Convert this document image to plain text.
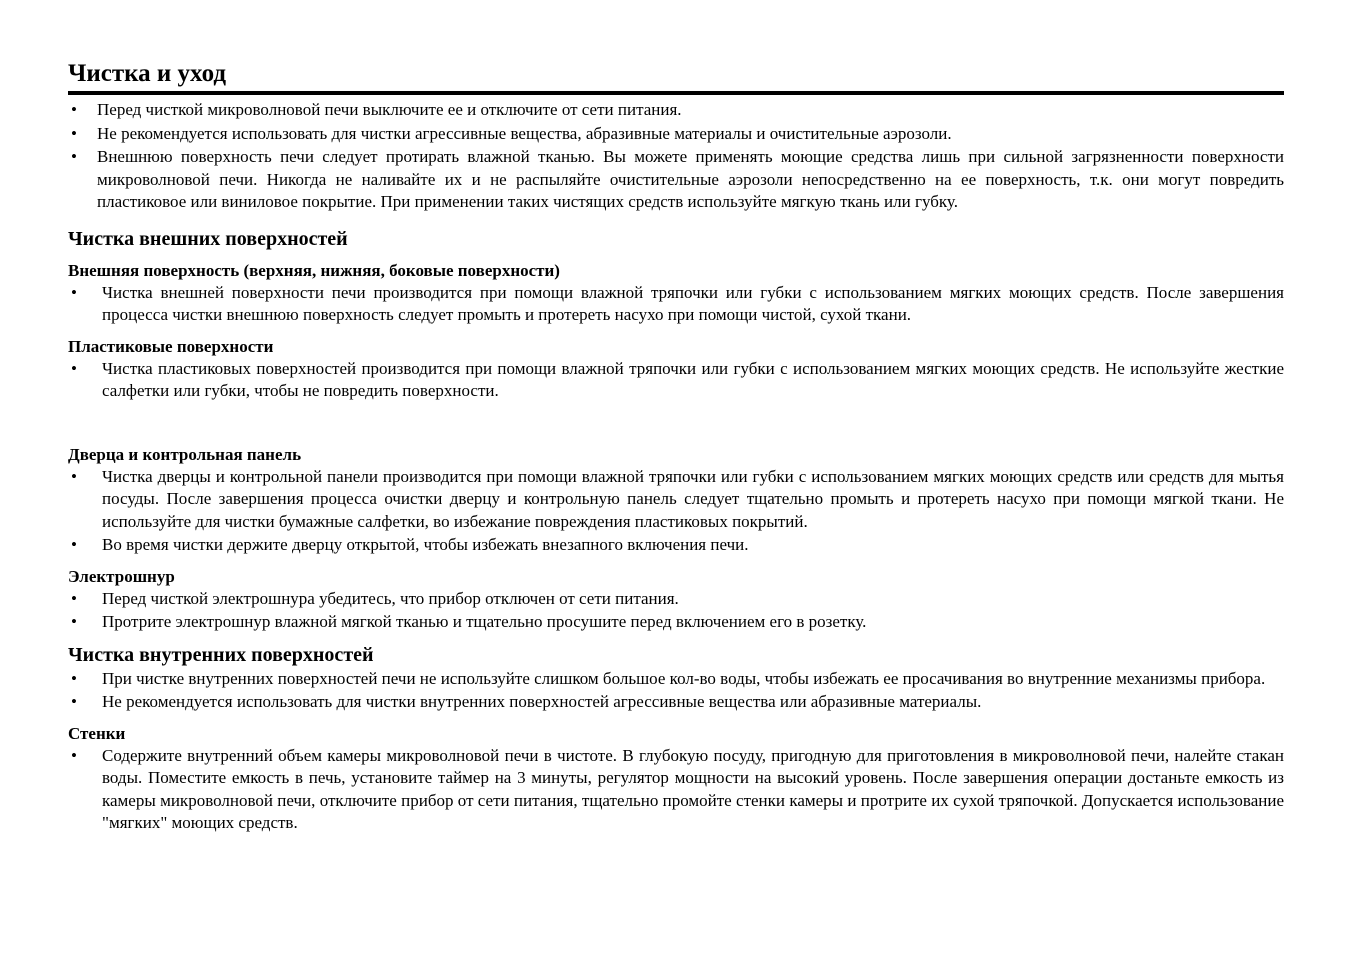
Чистка и уход
• Перед чисткой микроволновой печи выключите ее и отключите от сети питания.
• Не рекомендуется использовать для чистки агрессивные вещества, абразивные материалы и очистительные аэрозоли.
• Внешнюю поверхность печи следует протирать влажной тканью. Вы можете применять моющие средства лишь при сильной загрязненности поверхности микроволновой печи. Никогда не наливайте их и не распыляйте очистительные аэрозоли непосредственно на ее поверхность, т.к. они могут повредить пластиковое или виниловое покрытие. При применении таких чистящих средств используйте мягкую ткань или губку.
Чистка внешних поверхностей
Внешняя поверхность (верхняя, нижняя, боковые поверхности)
• Чистка внешней поверхности печи производится при помощи влажной тряпочки или губки с использованием мягких моющих средств. После завершения процесса чистки внешнюю поверхность следует промыть и протереть насухо при помощи чистой, сухой ткани.
Пластиковые поверхности
• Чистка пластиковых поверхностей производится при помощи влажной тряпочки или губки с использованием мягких моющих средств. Не используйте жесткие салфетки или губки, чтобы не повредить поверхности.
Дверца и контрольная панель
• Чистка дверцы и контрольной панели производится при помощи влажной тряпочки или губки с использованием мягких моющих средств или средств для мытья посуды. После завершения процесса очистки дверцу и контрольную панель следует тщательно промыть и протереть насухо при помощи мягкой ткани. Не используйте для чистки бумажные салфетки, во избежание повреждения пластиковых покрытий.
• Во время чистки держите дверцу открытой, чтобы избежать внезапного включения печи.
Электрошнур
• Перед чисткой электрошнура убедитесь, что прибор отключен от сети питания.
• Протрите электрошнур влажной мягкой тканью и тщательно просушите перед включением его в розетку.
Чистка внутренних поверхностей
• При чистке внутренних поверхностей печи не используйте слишком большое кол-во воды, чтобы избежать ее просачивания во внутренние механизмы прибора.
• Не рекомендуется использовать для чистки внутренних поверхностей агрессивные вещества или абразивные материалы.
Стенки
• Содержите внутренний объем камеры микроволновой печи в чистоте. В глубокую посуду, пригодную для приготовления в микроволновой печи, налейте стакан воды. Поместите емкость в печь, установите таймер на 3 минуты, регулятор мощности на высокий уровень. После завершения операции достаньте емкость из камеры микроволновой печи, отключите прибор от сети питания, тщательно промойте стенки камеры и протрите их сухой тряпочкой. Допускается использование "мягких" моющих средств.
